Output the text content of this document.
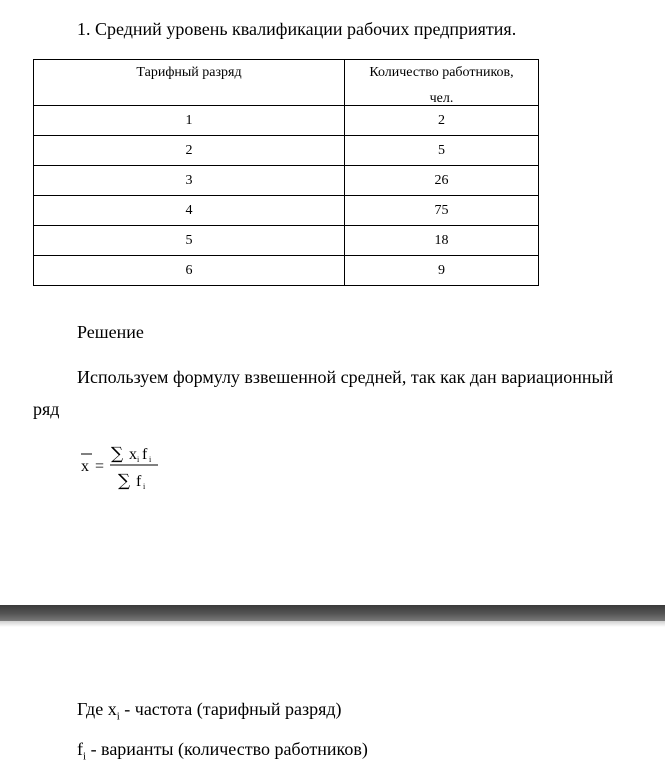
1. Средний уровень квалификации рабочих предприятия.
Тарифный разряд	Количество работников,
чел.

1	2
2	5
3	26
4	75
5	18
6	9
Решение
Используем формулу взвешенной средней, так как дан вариационный
ряд
x =
∑ x i f i
∑ f i
Где $x_i$ - частота (тарифный разряд)
$f_i$ - варианты (количество работников)
